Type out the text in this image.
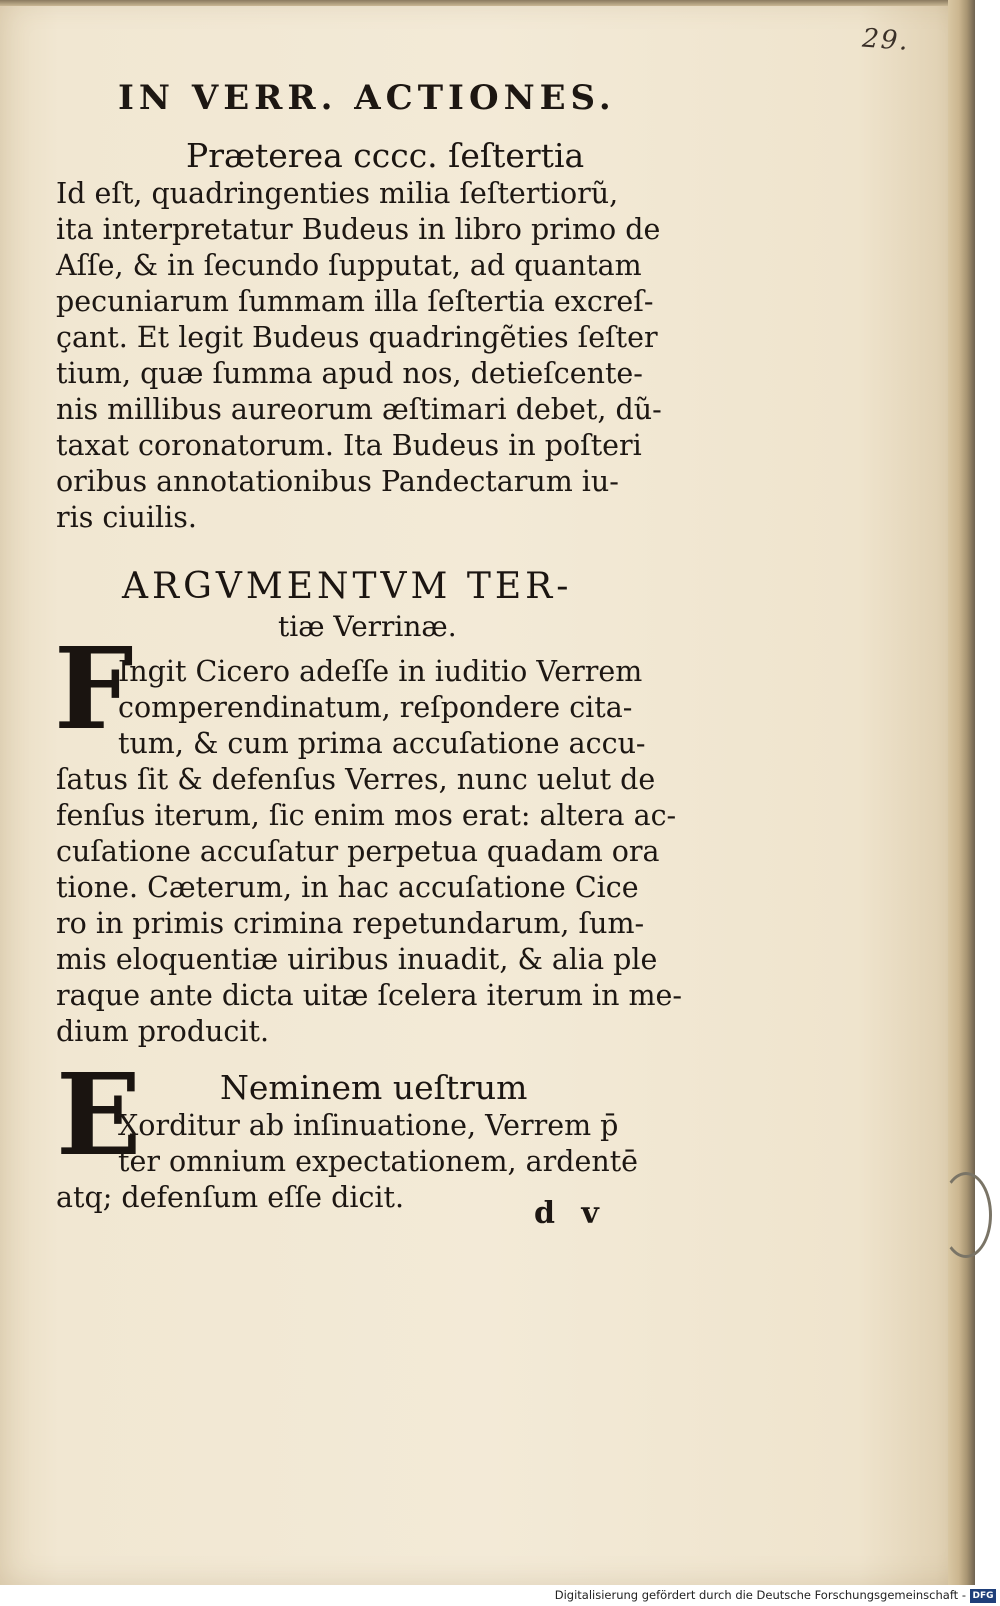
29.
IN VERR. ACTIONES.
Præterea cccc. ſeſtertia
Id eſt, quadringenties milia ſeſtertiorũ,
ita interpretatur Budeus in libro primo de
Aſſe, & in ſecundo ſupputat, ad quantam
pecuniarum ſummam illa ſeſtertia excreſ-
çant. Et legit Budeus quadringẽties ſeſter
tium, quæ ſumma apud nos, detieſcente-
nis millibus aureorum æſtimari debet, dũ-
taxat coronatorum. Ita Budeus in poſteri
oribus annotationibus Pandectarum iu-
ris ciuilis.
ARGVMENTVM TER-
tiæ Verrinæ.
F
Ingit Cicero adeſſe in iuditio Verrem
comperendinatum, reſpondere cita-
tum, & cum prima accuſatione accu-
ſatus ſit & defenſus Verres, nunc uelut de
fenſus iterum, ſic enim mos erat: altera ac-
cuſatione accuſatur perpetua quadam ora
tione. Cæterum, in hac accuſatione Cice
ro in primis crimina repetundarum, ſum-
mis eloquentiæ uiribus inuadit, & alia ple
raque ante dicta uitæ ſcelera iterum in me-
dium producit.
Neminem ueſtrum
E
Xorditur ab inſinuatione, Verrem p̄
ter omnium expectationem, ardentē
atq; defenſum eſſe dicit.	d v
Digitalisierung gefördert durch die Deutsche Forschungsgemeinschaft - DFG
